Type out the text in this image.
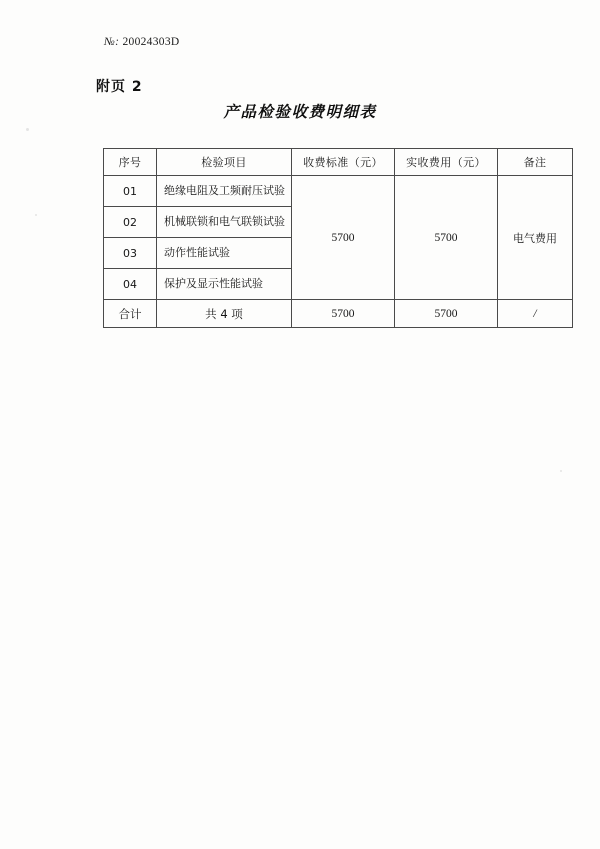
№: 20024303D
附页 2
产品检验收费明细表
序号	检验项目	收费标准（元）	实收费用（元）	备注
01	绝缘电阻及工频耐压试验	5700	5700	电气费用
02	机械联锁和电气联锁试验			
03	动作性能试验			
04	保护及显示性能试验			
合计	共 4 项	5700	5700	/
